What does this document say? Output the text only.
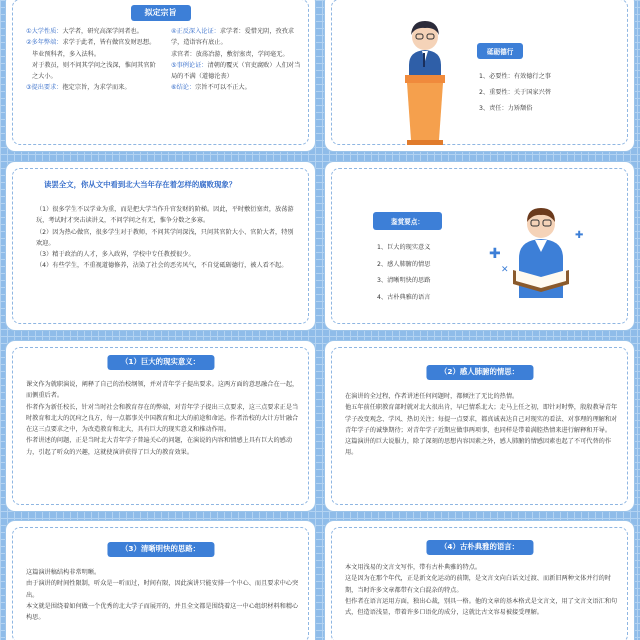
拟定宗旨

①大学性质：大学者，研究高深学问者也。

②多年弊端：求学于此者，皆有做官发财思想。

毕业预科者，多入法科。

对于教员，则不问其学问之浅深，惟问其官阶之大小。

③提出要求：抱定宗旨，为求学而来。

④正反深入论证：求学者：爱惜光阴，孜孜求学，造诣容有底止。

求官者：放荡冶游，敷衍塞责，学问毫无。

⑤事例论证：清朝的覆灭（官吏腐败）人们对当局的不满（道德沦丧）

⑥结论：宗旨不可以不正大。

砥砺德行

1、必要性：有效德行之事

2、重要性：关于国家兴替

3、责任：力矫颓俗

读罢全文，你从文中看到北大当年存在着怎样的腐败现象？

（1）很多学生不以学业为重，而是把大学当作升官发财的阶梯。因此，平时敷衍塞责，放荡游玩，考试时才突击读讲义，不问学问之有无，惟争分数之多寡。

（2）因为热心做官，很多学生对于教师，不问其学问深浅，只问其官阶大小、官阶大者，特别欢迎。

（3）精于政治的人才，多入政界，学校中专任教授很少。

（4）有些学生，不重视道德修养，沾染了社会的恶劣风气，不自觉砥砺德行，被人看不起。

鉴赏要点：

1、巨大的现实意义

2、感人肺腑的情思

3、清晰明快的思路

4、古朴典雅的语言

✚
✕
✚
（1）巨大的现实意义：

课文作为就职演说，阐释了自己的治校纲领，并对青年学子提出要求。这两方面的意思融合在一起，而侧重后者。

作者作为新任校长，针对当时社会和教育存在的弊端，对青年学子提出三点要求，这三点要求正是当时教育和北大的沉疴之良方，每一点都事关中国教育和北大的前途和命运。作者治校的大计方针融合在这三点要求之中，为改造教育和北大，具有巨大的现实意义和推动作用。

作者讲述的问题，正是当时北大青年学子普遍关心的问题，在演说的内容和情感上具有巨大的感动力，引起了听众的兴趣，这就使演讲获得了巨大的教育效果。

（2）感人肺腑的情思：

在演讲的全过程，作者讲述任何问题时，都倾注了无比的热情。

他五年前任职教育部时就对北大很出肯，早已情系北大；走马上任之初，即针对时弊，殷殷教导青年学子改变观念、学风、热切关注；每提一点要求，都真诚表达自己对现实的看法、对事理的理解和对青年学子的诚挚期待；对青年学子近期应做事两项事，也同样是带着满腔热情来进行解释和开导。

这篇演讲的巨大说服力，除了深刻的思想内容因素之外，感人肺腑的情感因素也起了不可代替的作用。

（3）清晰明快的思路：

这篇演讲稿结构非常明晰。

由于演讲的时间性限制，听众是一听而过，时间有限，因此演讲只能安排一个中心、而且要求中心突出。

本文就是围绕着如何做一个优秀的北大学子而展开的，并且全文都是围绕着这一中心组织材料和精心构思。

（4）古朴典雅的语言：

本文用浅易的文言文写作，带有古朴典雅的特点。

这是因为在那个年代，正是新文化运动的前期，是文言文向白话文过渡、而新旧两种文体并行的时期，当时许多文章都带有文白混杂的特点。

但作者在语言运用方面，独出心裁，别具一格。他的文章的基本格式是文言文，用了文言文语汇和句式，但造语浅显，带着许多口语化的成分，这就比古文容易被接受理解。
